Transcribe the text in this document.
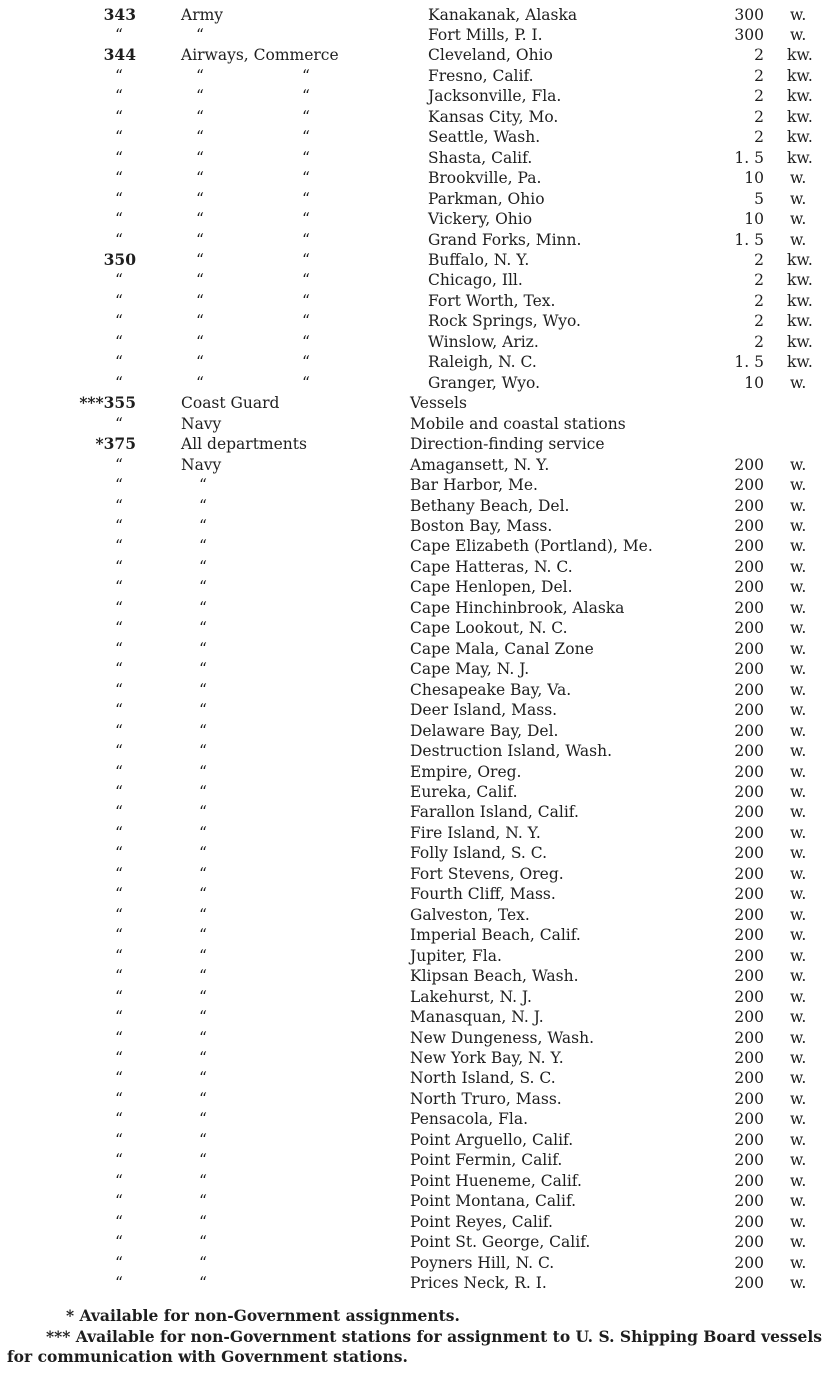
343	Army	Kanakanak, Alaska	300 w.
“	“	Fort Mills, P. I.	300 w.
344	Airways, Commerce	Cleveland, Ohio	2 kw.
“	“	“	Fresno, Calif.	2 kw.
“	“	“	Jacksonville, Fla.	2 kw.
“	“	“	Kansas City, Mo.	2 kw.
“	“	“	Seattle, Wash.	2 kw.
“	“	“	Shasta, Calif.	1. 5 kw.
“	“	“	Brookville, Pa.	10 w.
“	“	“	Parkman, Ohio	5 w.
“	“	“	Vickery, Ohio	10 w.
“	“	“	Grand Forks, Minn.	1. 5 w.
350	“	“	Buffalo, N. Y.	2 kw.
“	“	“	Chicago, Ill.	2 kw.
“	“	“	Fort Worth, Tex.	2 kw.
“	“	“	Rock Springs, Wyo.	2 kw.
“	“	“	Winslow, Ariz.	2 kw.
“	“	“	Raleigh, N. C.	1. 5 kw.
“	“	“	Granger, Wyo.	10 w.
***355	Coast Guard	Vessels
“	Navy	Mobile and coastal stations
*375	All departments	Direction-finding service
“	Navy	Amagansett, N. Y.	200 w.
“	“	Bar Harbor, Me.	200 w.
“	“	Bethany Beach, Del.	200 w.
“	“	Boston Bay, Mass.	200 w.
“	“	Cape Elizabeth (Portland), Me.	200 w.
“	“	Cape Hatteras, N. C.	200 w.
“	“	Cape Henlopen, Del.	200 w.
“	“	Cape Hinchinbrook, Alaska	200 w.
“	“	Cape Lookout, N. C.	200 w.
“	“	Cape Mala, Canal Zone	200 w.
“	“	Cape May, N. J.	200 w.
“	“	Chesapeake Bay, Va.	200 w.
“	“	Deer Island, Mass.	200 w.
“	“	Delaware Bay, Del.	200 w.
“	“	Destruction Island, Wash.	200 w.
“	“	Empire, Oreg.	200 w.
“	“	Eureka, Calif.	200 w.
“	“	Farallon Island, Calif.	200 w.
“	“	Fire Island, N. Y.	200 w.
“	“	Folly Island, S. C.	200 w.
“	“	Fort Stevens, Oreg.	200 w.
“	“	Fourth Cliff, Mass.	200 w.
“	“	Galveston, Tex.	200 w.
“	“	Imperial Beach, Calif.	200 w.
“	“	Jupiter, Fla.	200 w.
“	“	Klipsan Beach, Wash.	200 w.
“	“	Lakehurst, N. J.	200 w.
“	“	Manasquan, N. J.	200 w.
“	“	New Dungeness, Wash.	200 w.
“	“	New York Bay, N. Y.	200 w.
“	“	North Island, S. C.	200 w.
“	“	North Truro, Mass.	200 w.
“	“	Pensacola, Fla.	200 w.
“	“	Point Arguello, Calif.	200 w.
“	“	Point Fermin, Calif.	200 w.
“	“	Point Hueneme, Calif.	200 w.
“	“	Point Montana, Calif.	200 w.
“	“	Point Reyes, Calif.	200 w.
“	“	Point St. George, Calif.	200 w.
“	“	Poyners Hill, N. C.	200 w.
“	“	Prices Neck, R. I.	200 w.
* Available for non-Government assignments.
*** Available for non-Government stations for assignment to U. S. Shipping Board vessels
for communication with Government stations.
